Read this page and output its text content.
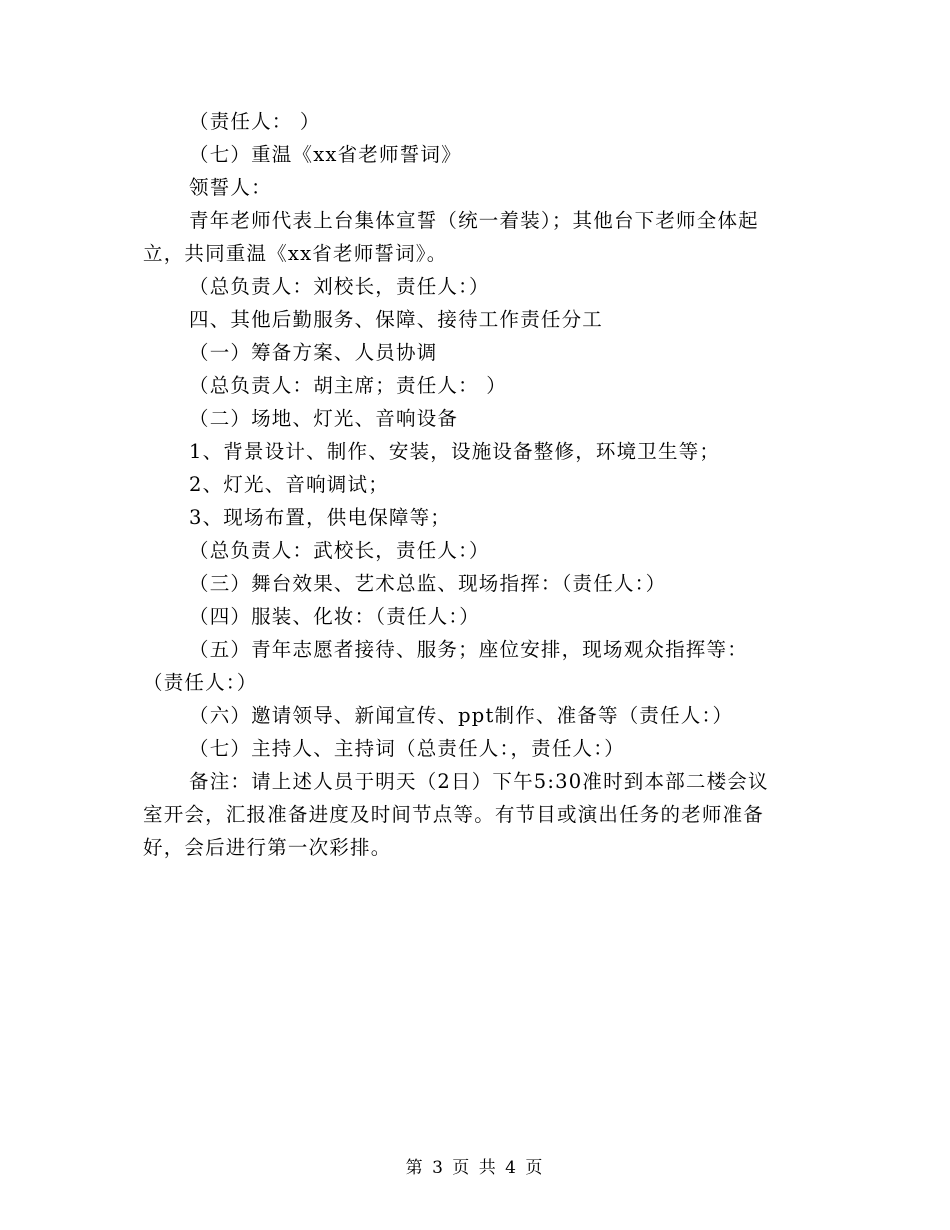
（责任人： ）
（七）重温《xx省老师誓词》
领誓人：
青年老师代表上台集体宣誓（统一着装）；其他台下老师全体起
立，共同重温《xx省老师誓词》。
（总负责人：刘校长，责任人：）
四、其他后勤服务、保障、接待工作责任分工
（一）筹备方案、人员协调
（总负责人：胡主席；责任人： ）
（二）场地、灯光、音响设备
1、背景设计、制作、安装，设施设备整修，环境卫生等；
2、灯光、音响调试；
3、现场布置，供电保障等；
（总负责人：武校长，责任人：）
（三）舞台效果、艺术总监、现场指挥：（责任人：）
（四）服装、化妆：（责任人：）
（五）青年志愿者接待、服务；座位安排，现场观众指挥等：
（责任人：）
（六）邀请领导、新闻宣传、ppt制作、准备等（责任人：）
（七）主持人、主持词（总责任人：，责任人：）
备注：请上述人员于明天（2日）下午5:30准时到本部二楼会议
室开会，汇报准备进度及时间节点等。有节目或演出任务的老师准备
好，会后进行第一次彩排。
第 3 页 共 4 页
